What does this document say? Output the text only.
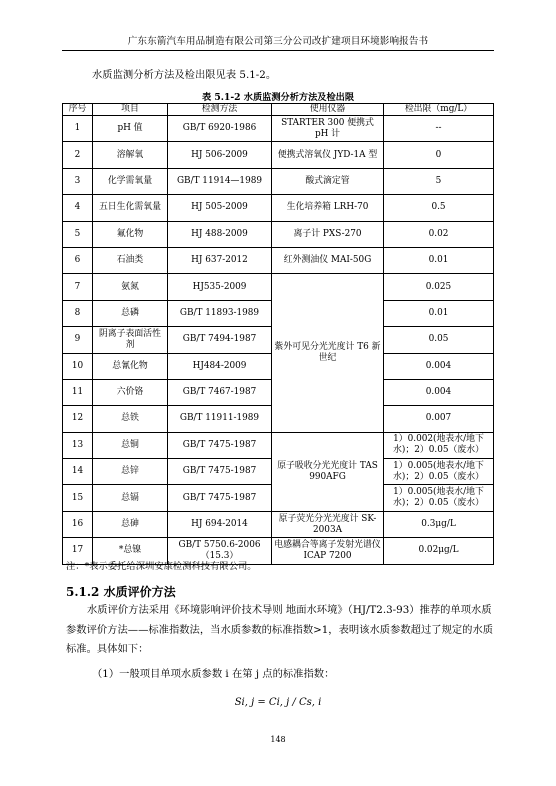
广东东箭汽车用品制造有限公司第三分公司改扩建项目环境影响报告书
水质监测分析方法及检出限见表 5.1-2。
表 5.1-2 水质监测分析方法及检出限
序号	项目	检测方法	使用仪器	检出限（mg/L）
1	pH 值	GB/T 6920-1986	STARTER 300 便携式 pH 计	--
2	溶解氧	HJ 506-2009	便携式溶氧仪 JYD-1A 型	0
3	化学需氧量	GB/T 11914—1989	酸式滴定管	5
4	五日生化需氧量	HJ 505-2009	生化培养箱 LRH-70	0.5
5	氟化物	HJ 488-2009	离子计 PXS-270	0.02
6	石油类	HJ 637-2012	红外测油仪 MAI-50G	0.01
7	氨氮	HJ535-2009	紫外可见分光光度计 T6 新世纪	0.025
8	总磷	GB/T 11893-1989		0.01
9	阴离子表面活性剂	GB/T 7494-1987		0.05
10	总氰化物	HJ484-2009		0.004
11	六价铬	GB/T 7467-1987		0.004
12	总铁	GB/T 11911-1989		0.007
13	总铜	GB/T 7475-1987	原子吸收分光光度计 TAS 990AFG	1）0.002(地表水/地下水)；2）0.05（废水）
14	总锌	GB/T 7475-1987		1）0.005(地表水/地下水)；2）0.05（废水）
15	总镉	GB/T 7475-1987		1）0.005(地表水/地下水)；2）0.05（废水）
16	总砷	HJ 694-2014	原子荧光分光光度计 SK-2003A	0.3μg/L
17	*总镍	GB/T 5750.6-2006（15.3）	电感耦合等离子发射光谱仪 ICAP 7200	0.02μg/L
注：*表示委托给深圳安康检测科技有限公司。
5.1.2 水质评价方法
水质评价方法采用《环境影响评价技术导则 地面水环境》（HJ/T2.3-93）推荐的单项水质参数评价方法——标准指数法，当水质参数的标准指数>1，表明该水质参数超过了规定的水质标准。具体如下：
（1）一般项目单项水质参数 i 在第 j 点的标准指数：
Si, j = Ci, j / Cs, i
148
